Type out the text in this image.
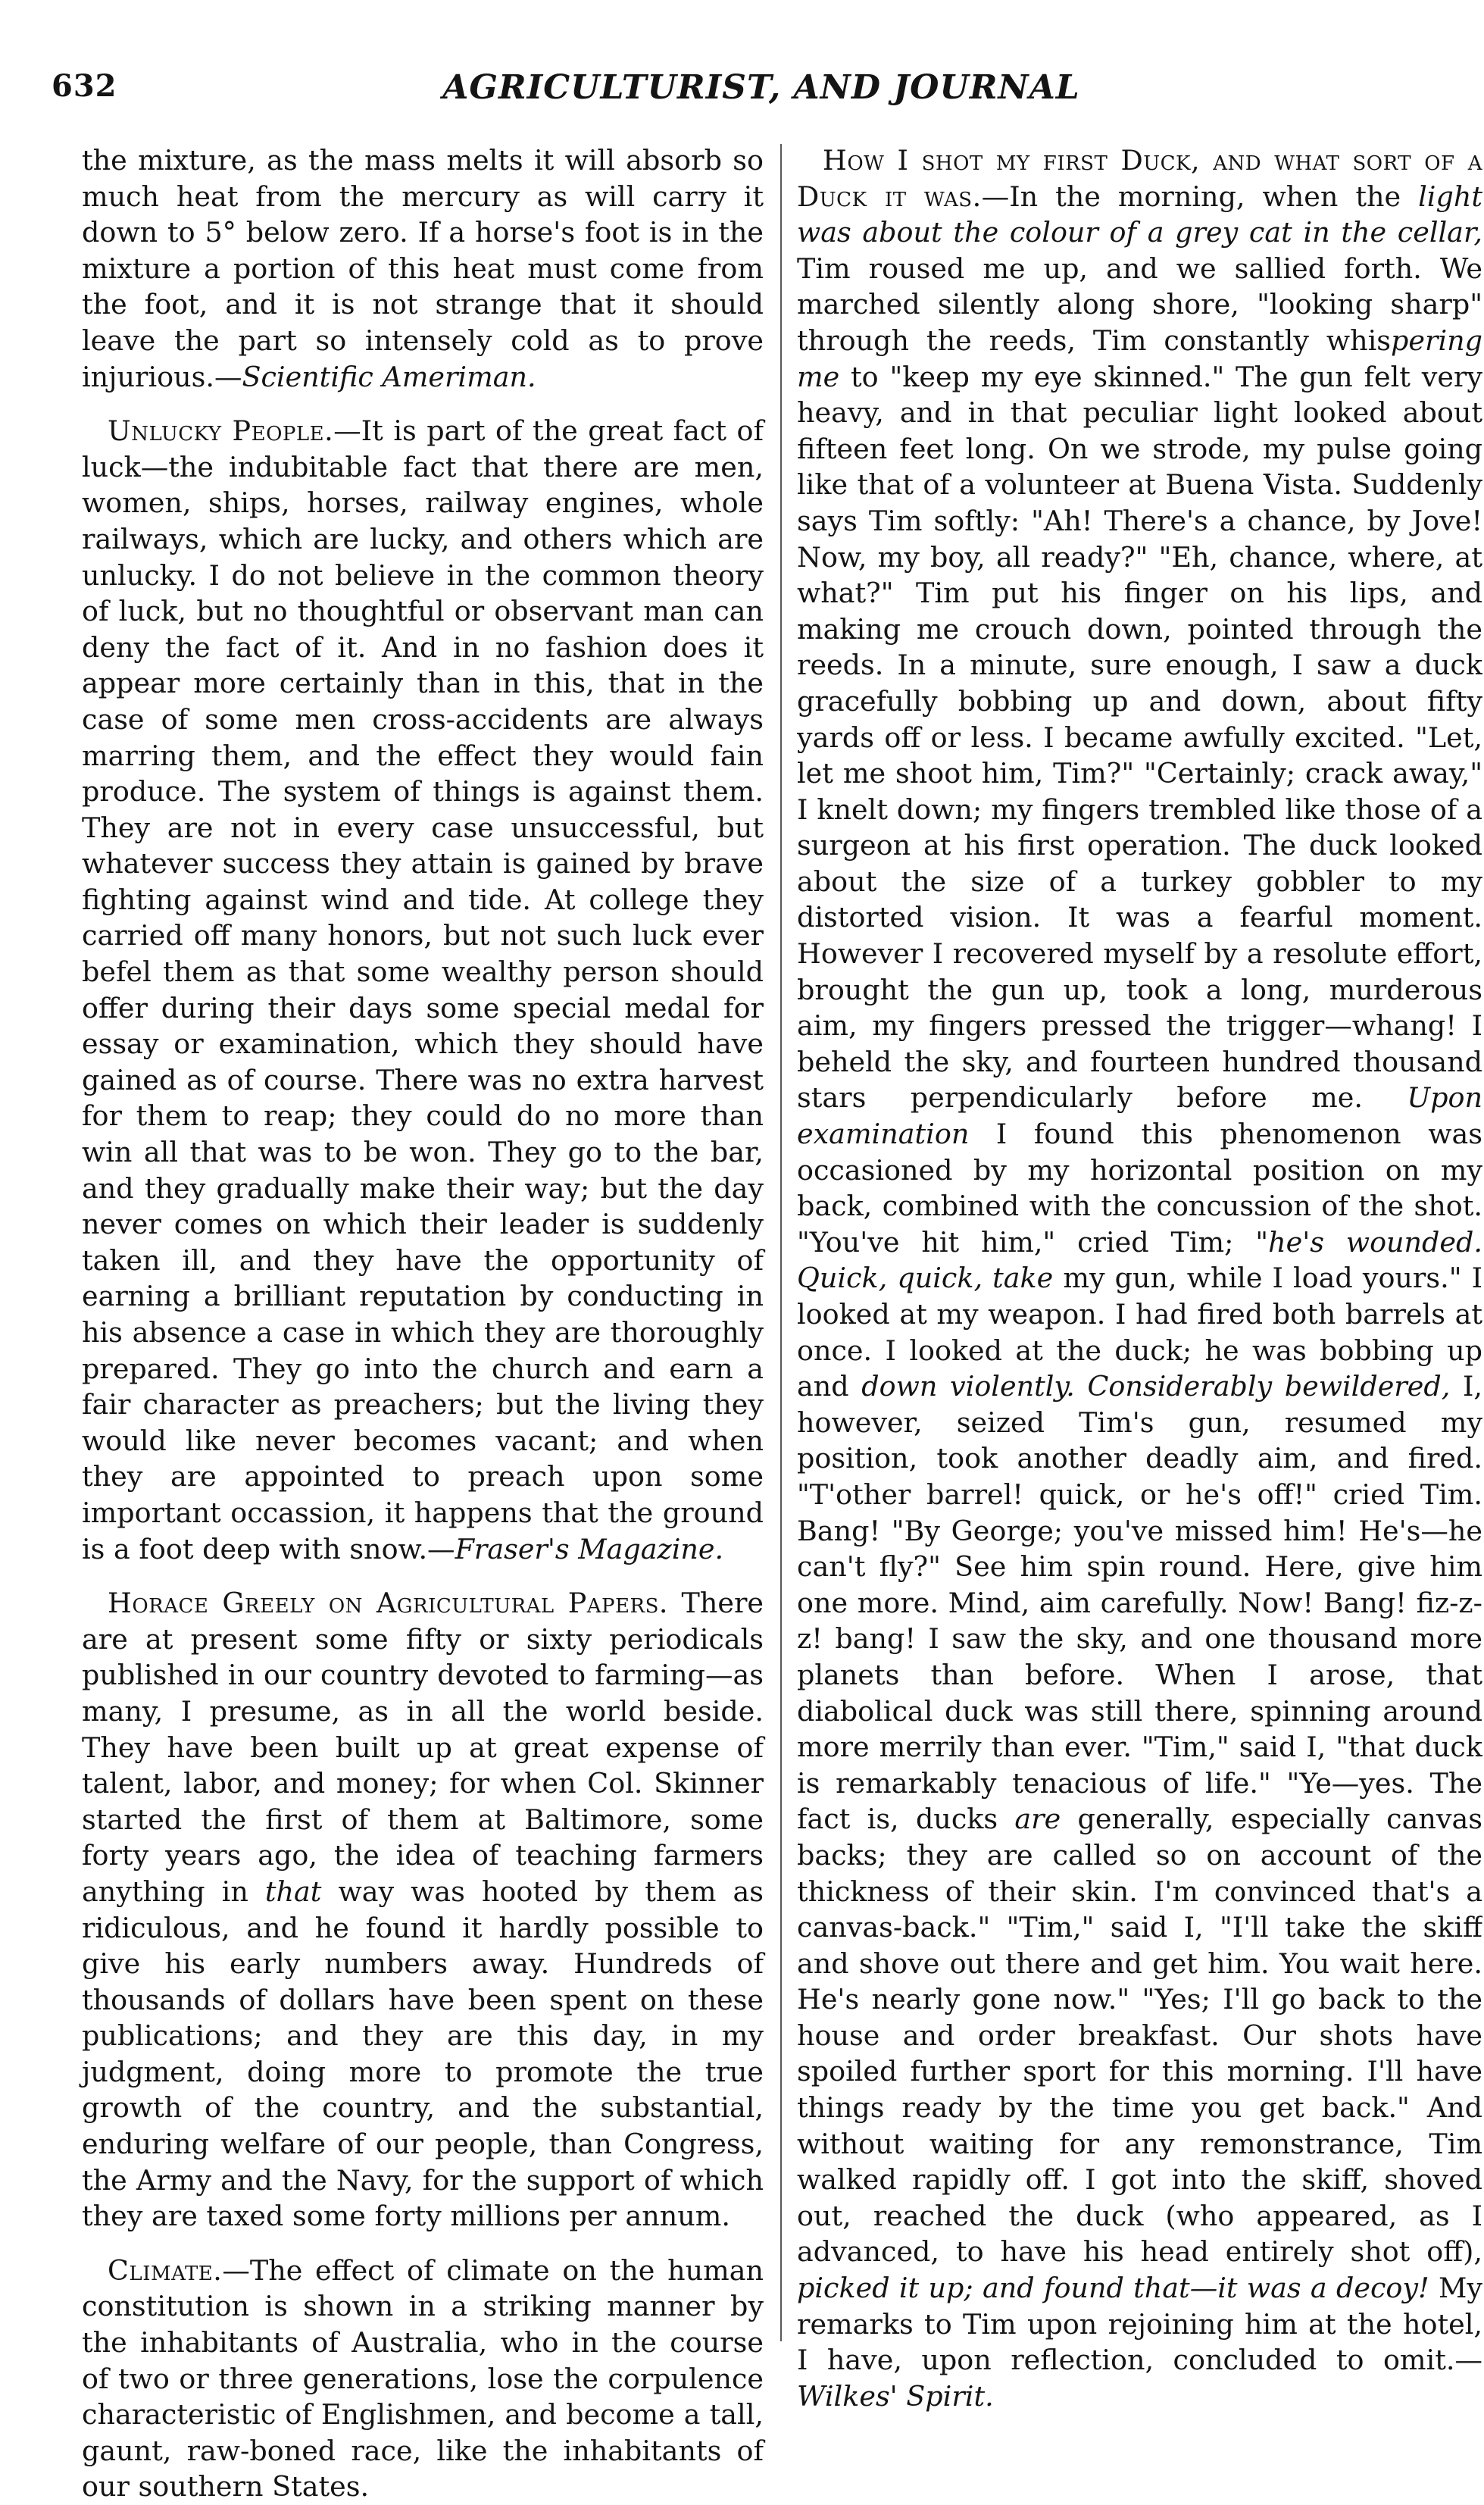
632	AGRICULTURIST, AND JOURNAL

the mixture, as the mass melts it will absorb so much heat from the mercury as will carry it down to 5° below zero. If a horse's foot is in the mixture a portion of this heat must come from the foot, and it is not strange that it should leave the part so intensely cold as to prove injurious.—Scientific Ameriman.

Unlucky People.—It is part of the great fact of luck—the indubitable fact that there are men, women, ships, horses, railway engines, whole railways, which are lucky, and others which are unlucky. I do not believe in the common theory of luck, but no thoughtful or observant man can deny the fact of it. And in no fashion does it appear more certainly than in this, that in the case of some men cross-accidents are always marring them, and the effect they would fain produce. The system of things is against them. They are not in every case unsuccessful, but whatever success they attain is gained by brave fighting against wind and tide. At college they carried off many honors, but not such luck ever befel them as that some wealthy person should offer during their days some special medal for essay or examination, which they should have gained as of course. There was no extra harvest for them to reap; they could do no more than win all that was to be won. They go to the bar, and they gradually make their way; but the day never comes on which their leader is suddenly taken ill, and they have the opportunity of earning a brilliant reputation by conducting in his absence a case in which they are thoroughly prepared. They go into the church and earn a fair character as preachers; but the living they would like never becomes vacant; and when they are appointed to preach upon some important occassion, it happens that the ground is a foot deep with snow.—Fraser's Magazine.

Horace Greely on Agricultural Papers. There are at present some fifty or sixty periodicals published in our country devoted to farming—as many, I presume, as in all the world beside. They have been built up at great expense of talent, labor, and money; for when Col. Skinner started the first of them at Baltimore, some forty years ago, the idea of teaching farmers anything in that way was hooted by them as ridiculous, and he found it hardly possible to give his early numbers away. Hundreds of thousands of dollars have been spent on these publications; and they are this day, in my judgment, doing more to promote the true growth of the country, and the substantial, enduring welfare of our people, than Congress, the Army and the Navy, for the support of which they are taxed some forty millions per annum.

Climate.—The effect of climate on the human constitution is shown in a striking manner by the inhabitants of Australia, who in the course of two or three generations, lose the corpulence characteristic of Englishmen, and become a tall, gaunt, raw-boned race, like the inhabitants of our southern States.

How I shot my first Duck, and what sort of a Duck it was.—In the morning, when the light was about the colour of a grey cat in the cellar, Tim roused me up, and we sallied forth. We marched silently along shore, "looking sharp" through the reeds, Tim constantly whispering me to "keep my eye skinned." The gun felt very heavy, and in that peculiar light looked about fifteen feet long. On we strode, my pulse going like that of a volunteer at Buena Vista. Suddenly says Tim softly: "Ah! There's a chance, by Jove! Now, my boy, all ready?" "Eh, chance, where, at what?" Tim put his finger on his lips, and making me crouch down, pointed through the reeds. In a minute, sure enough, I saw a duck gracefully bobbing up and down, about fifty yards off or less. I became awfully excited. "Let, let me shoot him, Tim?" "Certainly; crack away," I knelt down; my fingers trembled like those of a surgeon at his first operation. The duck looked about the size of a turkey gobbler to my distorted vision. It was a fearful moment. However I recovered myself by a resolute effort, brought the gun up, took a long, murderous aim, my fingers pressed the trigger—whang! I beheld the sky, and fourteen hundred thousand stars perpendicularly before me. Upon examination I found this phenomenon was occasioned by my horizontal position on my back, combined with the concussion of the shot. "You've hit him," cried Tim; "he's wounded. Quick, quick, take my gun, while I load yours." I looked at my weapon. I had fired both barrels at once. I looked at the duck; he was bobbing up and down violently. Considerably bewildered, I, however, seized Tim's gun, resumed my position, took another deadly aim, and fired. "T'other barrel! quick, or he's off!" cried Tim. Bang! "By George; you've missed him! He's—he can't fly?" See him spin round. Here, give him one more. Mind, aim carefully. Now! Bang! fiz-z-z! bang! I saw the sky, and one thousand more planets than before. When I arose, that diabolical duck was still there, spinning around more merrily than ever. "Tim," said I, "that duck is remarkably tenacious of life." "Ye—yes. The fact is, ducks are generally, especially canvas backs; they are called so on account of the thickness of their skin. I'm convinced that's a canvas-back." "Tim," said I, "I'll take the skiff and shove out there and get him. You wait here. He's nearly gone now." "Yes; I'll go back to the house and order breakfast. Our shots have spoiled further sport for this morning. I'll have things ready by the time you get back." And without waiting for any remonstrance, Tim walked rapidly off. I got into the skiff, shoved out, reached the duck (who appeared, as I advanced, to have his head entirely shot off), picked it up; and found that—it was a decoy! My remarks to Tim upon rejoining him at the hotel, I have, upon reflection, concluded to omit.—Wilkes' Spirit.
